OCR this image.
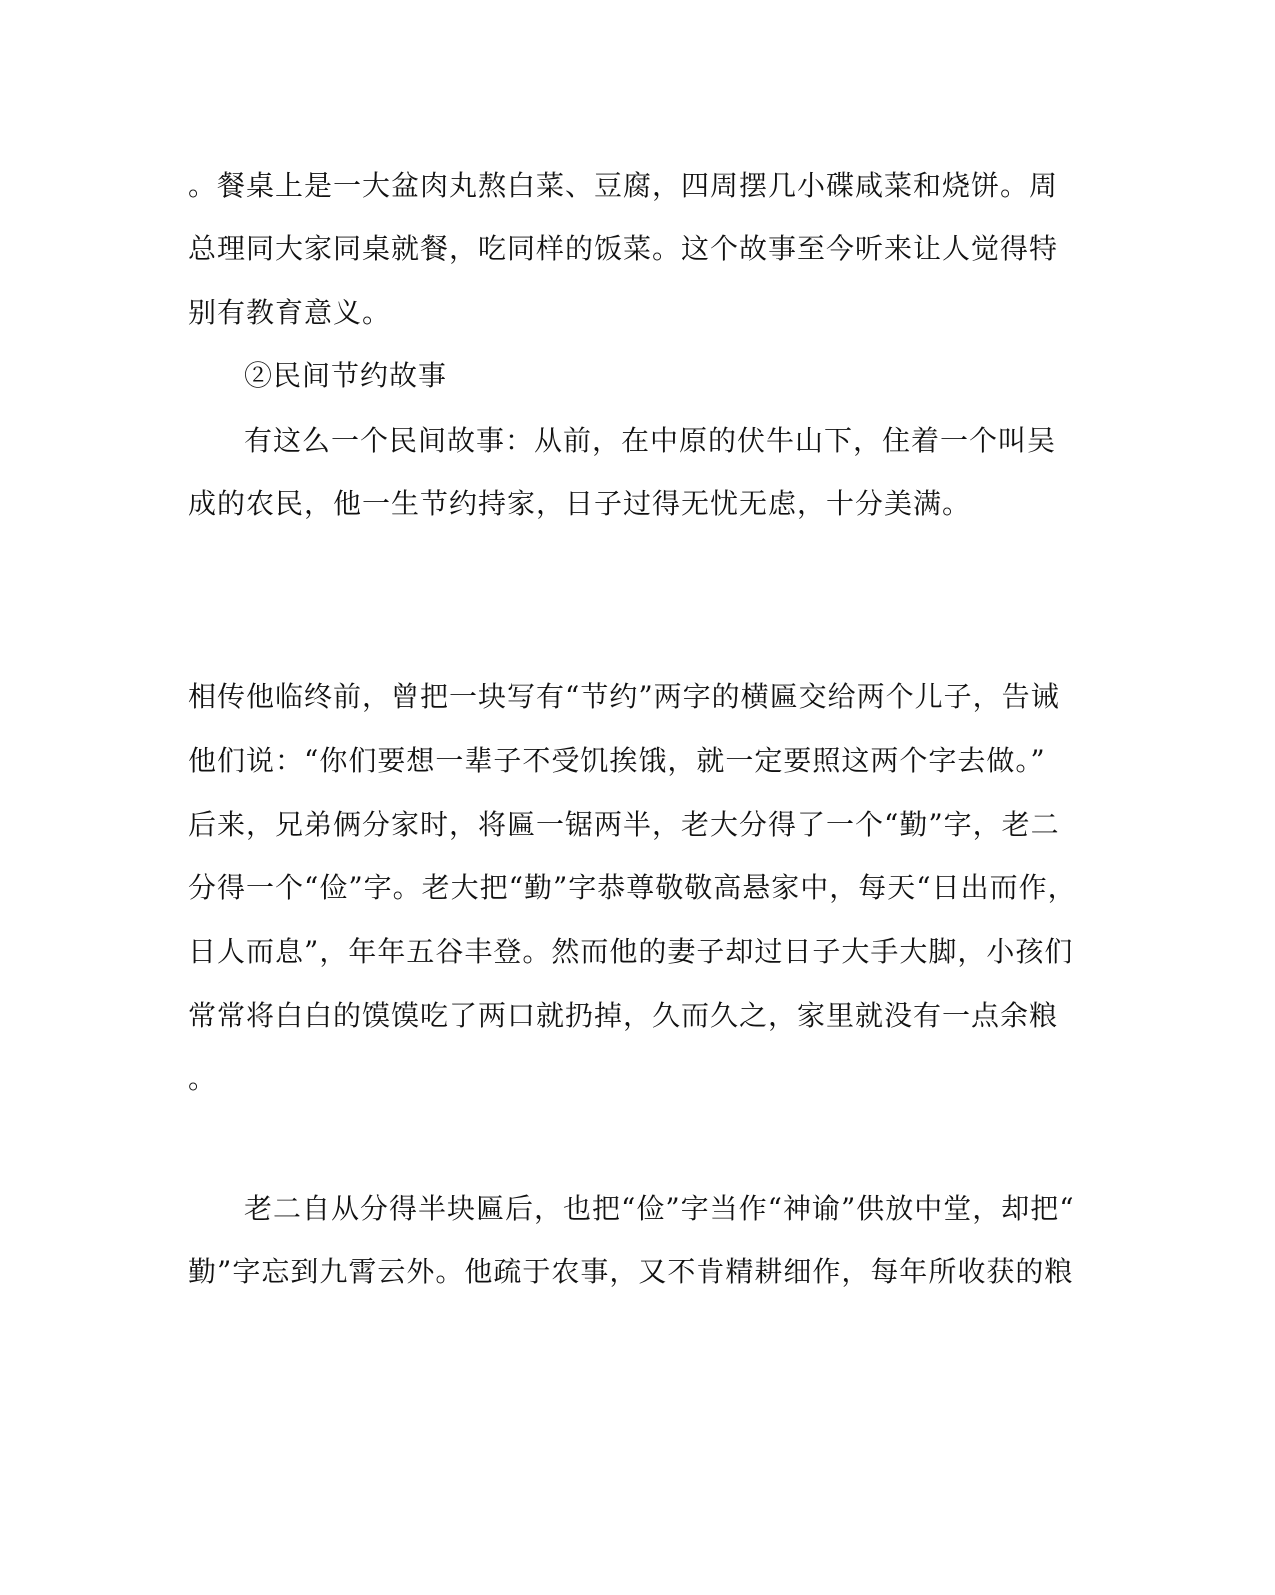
。餐桌上是一大盆肉丸熬白菜、豆腐，四周摆几小碟咸菜和烧饼。周
总理同大家同桌就餐，吃同样的饭菜。这个故事至今听来让人觉得特
别有教育意义。
②民间节约故事
有这么一个民间故事：从前，在中原的伏牛山下，住着一个叫吴
成的农民，他一生节约持家，日子过得无忧无虑，十分美满。
相传他临终前，曾把一块写有“节约”两字的横匾交给两个儿子，告诫
他们说：“你们要想一辈子不受饥挨饿，就一定要照这两个字去做。”
后来，兄弟俩分家时，将匾一锯两半，老大分得了一个“勤”字，老二
分得一个“俭”字。老大把“勤”字恭尊敬敬高悬家中，每天“日出而作，
日人而息”，年年五谷丰登。然而他的妻子却过日子大手大脚，小孩们
常常将白白的馍馍吃了两口就扔掉，久而久之，家里就没有一点余粮
。
老二自从分得半块匾后，也把“俭”字当作“神谕”供放中堂，却把“
勤”字忘到九霄云外。他疏于农事，又不肯精耕细作，每年所收获的粮
